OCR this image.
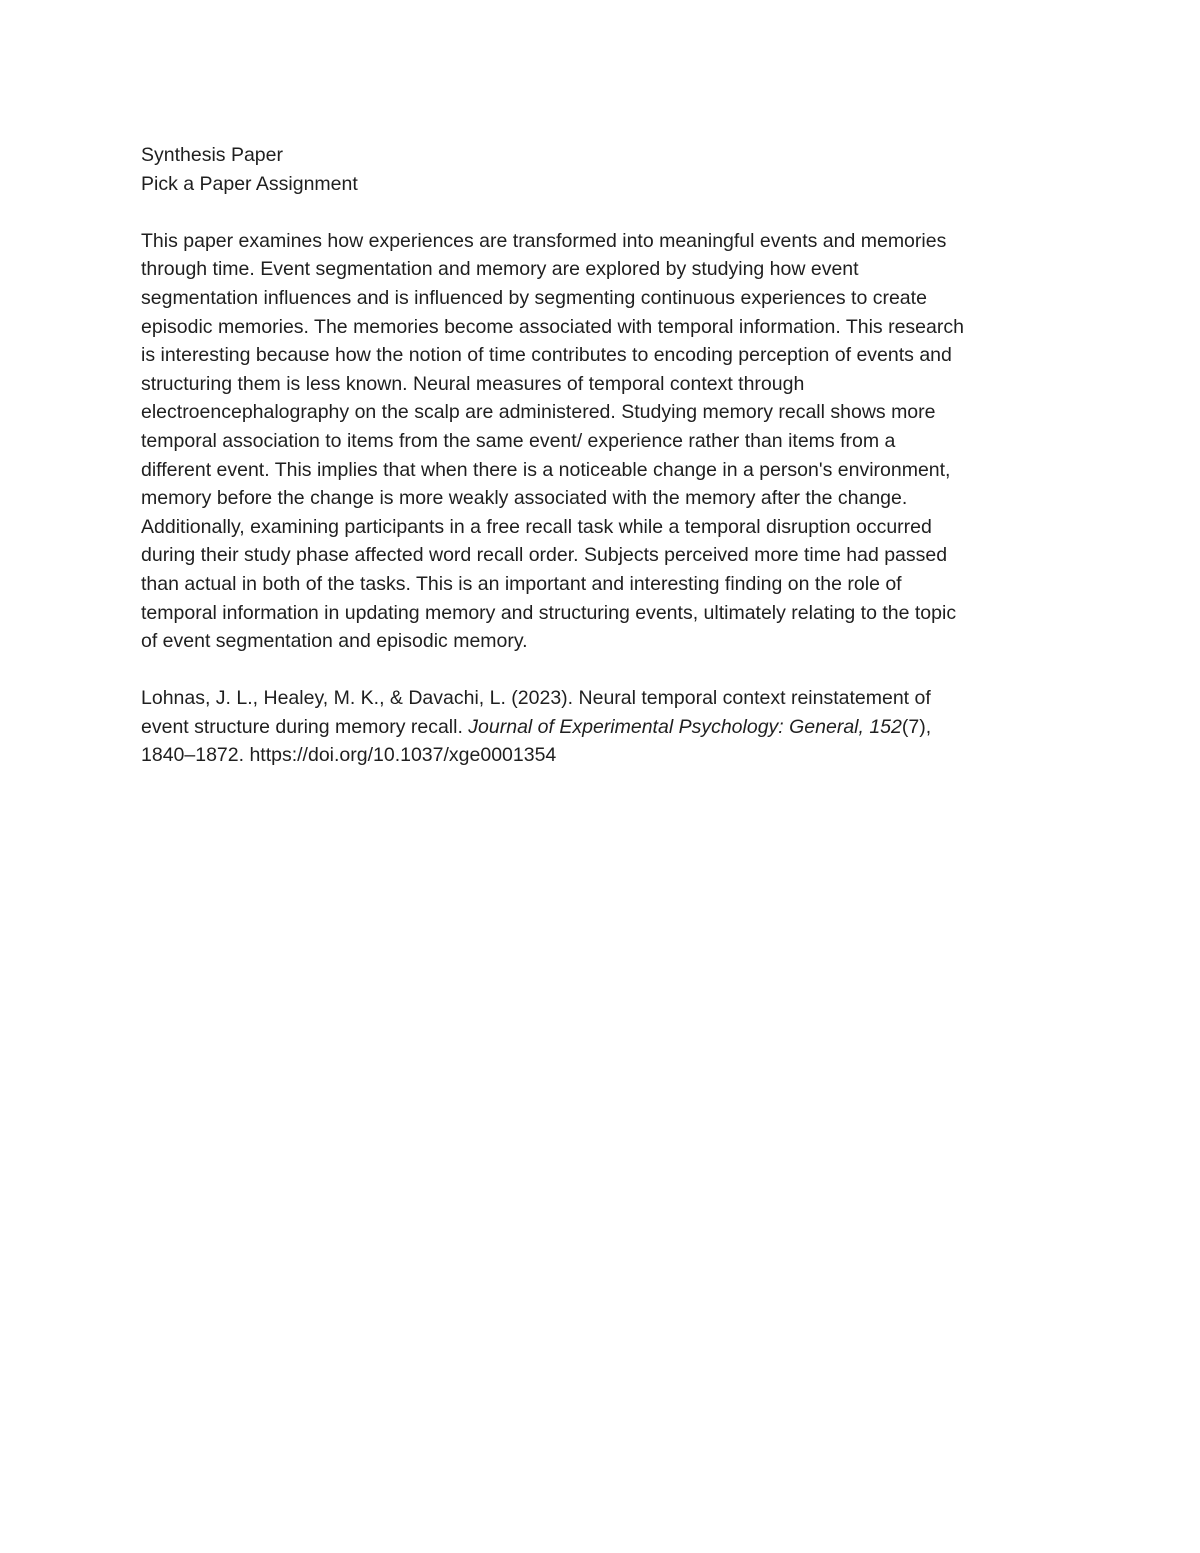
Synthesis Paper
Pick a Paper Assignment
This paper examines how experiences are transformed into meaningful events and memories
through time. Event segmentation and memory are explored by studying how event
segmentation influences and is influenced by segmenting continuous experiences to create
episodic memories. The memories become associated with temporal information. This research
is interesting because how the notion of time contributes to encoding perception of events and
structuring them is less known. Neural measures of temporal context through
electroencephalography on the scalp are administered. Studying memory recall shows more
temporal association to items from the same event/ experience rather than items from a
different event. This implies that when there is a noticeable change in a person's environment,
memory before the change is more weakly associated with the memory after the change.
Additionally, examining participants in a free recall task while a temporal disruption occurred
during their study phase affected word recall order. Subjects perceived more time had passed
than actual in both of the tasks. This is an important and interesting finding on the role of
temporal information in updating memory and structuring events, ultimately relating to the topic
of event segmentation and episodic memory.
Lohnas, J. L., Healey, M. K., & Davachi, L. (2023). Neural temporal context reinstatement of
event structure during memory recall. Journal of Experimental Psychology: General, 152(7),
1840–1872. https://doi.org/10.1037/xge0001354
